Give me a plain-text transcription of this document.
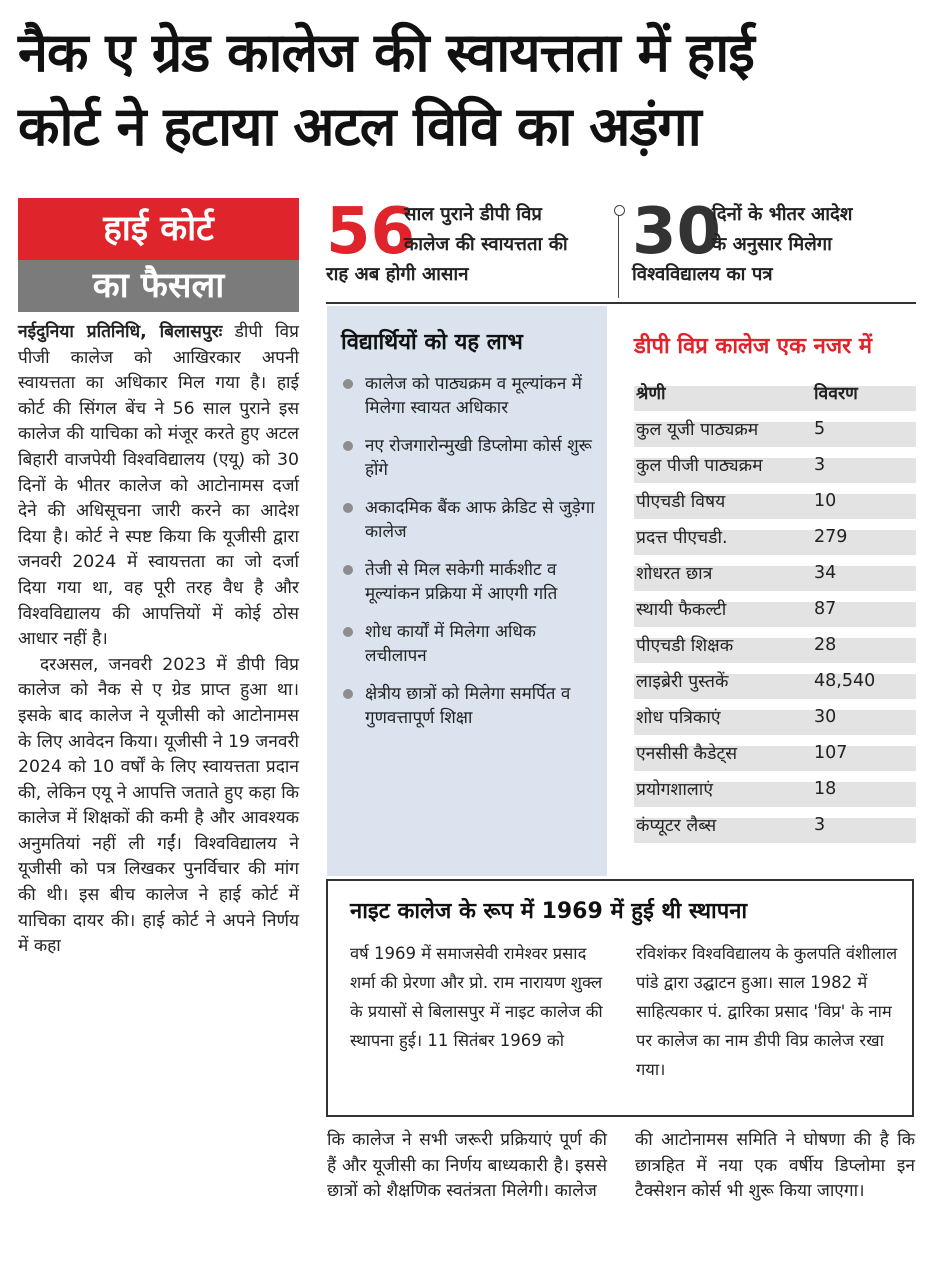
नैक ए ग्रेड कालेज की स्वायत्तता में हाई
कोर्ट ने हटाया अटल विवि का अड़ंगा
हाई कोर्ट
का फैसला

नईदुनिया प्रतिनिधि, बिलासपुरः डीपी विप्र पीजी कालेज को आखिरकार अपनी स्वायत्तता का अधिकार मिल गया है। हाई कोर्ट की सिंगल बेंच ने 56 साल पुराने इस कालेज की याचिका को मंजूर करते हुए अटल बिहारी वाजपेयी विश्वविद्यालय (एयू) को 30 दिनों के भीतर कालेज को आटोनामस दर्जा देने की अधिसूचना जारी करने का आदेश दिया है। कोर्ट ने स्पष्ट किया कि यूजीसी द्वारा जनवरी 2024 में स्वायत्तता का जो दर्जा दिया गया था, वह पूरी तरह वैध है और विश्वविद्यालय की आपत्तियों में कोई ठोस आधार नहीं है।

दरअसल, जनवरी 2023 में डीपी विप्र कालेज को नैक से ए ग्रेड प्राप्त हुआ था। इसके बाद कालेज ने यूजीसी को आटोनामस के लिए आवेदन किया। यूजीसी ने 19 जनवरी 2024 को 10 वर्षों के लिए स्वायत्तता प्रदान की, लेकिन एयू ने आपत्ति जताते हुए कहा कि कालेज में शिक्षकों की कमी है और आवश्यक अनुमतियां नहीं ली गईं। विश्वविद्यालय ने यूजीसी को पत्र लिखकर पुनर्विचार की मांग की थी। इस बीच कालेज ने हाई कोर्ट में याचिका दायर की। हाई कोर्ट ने अपने निर्णय में कहा

56
साल पुराने डीपी विप्र
कालेज की स्वायत्तता की
राह अब होगी आसान
30
दिनों के भीतर आदेश
के अनुसार मिलेगा
विश्वविद्यालय का पत्र
विद्यार्थियों को यह लाभ
कालेज को पाठ्यक्रम व मूल्यांकन में मिलेगा स्वायत अधिकार
नए रोजगारोन्मुखी डिप्लोमा कोर्स शुरू होंगे
अकादमिक बैंक आफ क्रेडिट से जुड़ेगा कालेज
तेजी से मिल सकेगी मार्कशीट व मूल्यांकन प्रक्रिया में आएगी गति
शोध कार्यों में मिलेगा अधिक लचीलापन
क्षेत्रीय छात्रों को मिलेगा समर्पित व गुणवत्तापूर्ण शिक्षा
डीपी विप्र कालेज एक नजर में
श्रेणी	विवरण
कुल यूजी पाठ्यक्रम	5
कुल पीजी पाठ्यक्रम	3
पीएचडी विषय	10
प्रदत्त पीएचडी.	279
शोधरत छात्र	34
स्थायी फैकल्टी	87
पीएचडी शिक्षक	28
लाइब्रेरी पुस्तकें	48,540
शोध पत्रिकाएं	30
एनसीसी कैडेट्स	107
प्रयोगशालाएं	18
कंप्यूटर लैब्स	3
नाइट कालेज के रूप में 1969 में हुई थी स्थापना
वर्ष 1969 में समाजसेवी रामेश्वर प्रसाद शर्मा की प्रेरणा और प्रो. राम नारायण शुक्ल के प्रयासों से बिलासपुर में नाइट कालेज की स्थापना हुई। 11 सितंबर 1969 को
रविशंकर विश्वविद्यालय के कुलपति वंशीलाल पांडे द्वारा उद्घाटन हुआ। साल 1982 में साहित्यकार पं. द्वारिका प्रसाद 'विप्र' के नाम पर कालेज का नाम डीपी विप्र कालेज रखा गया।
कि कालेज ने सभी जरूरी प्रक्रियाएं पूर्ण की हैं और यूजीसी का निर्णय बाध्यकारी है। इससे छात्रों को शैक्षणिक स्वतंत्रता मिलेगी। कालेज
की आटोनामस समिति ने घोषणा की है कि छात्रहित में नया एक वर्षीय डिप्लोमा इन टैक्सेशन कोर्स भी शुरू किया जाएगा।
